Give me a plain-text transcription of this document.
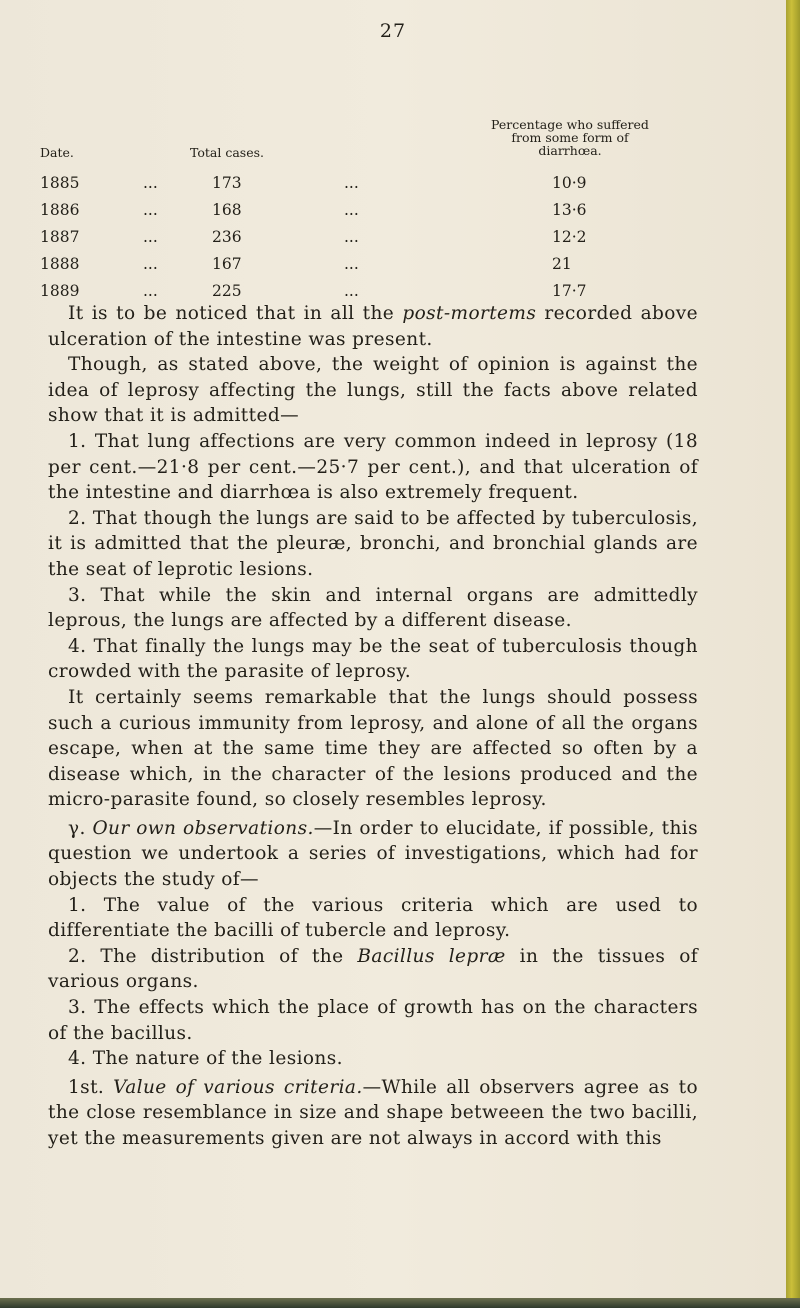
27
Date.	Total cases.
Percentage who suffered
from some form of
diarrhœa.
1885	...	173	...	10·9
1886	...	168	...	13·6
1887	...	236	...	12·2
1888	...	167	...	21
1889	...	225	...	17·7

It is to be noticed that in all the post-mortems recorded above ulceration of the intestine was present.

Though, as stated above, the weight of opinion is against the idea of leprosy affecting the lungs, still the facts above related show that it is admitted—

1. That lung affections are very common indeed in leprosy (18 per cent.—21·8 per cent.—25·7 per cent.), and that ulceration of the intestine and diarrhœa is also extremely frequent.

2. That though the lungs are said to be affected by tuberculosis, it is admitted that the pleuræ, bronchi, and bronchial glands are the seat of leprotic lesions.

3. That while the skin and internal organs are admittedly leprous, the lungs are affected by a different disease.

4. That finally the lungs may be the seat of tuberculosis though crowded with the parasite of leprosy.

It certainly seems remarkable that the lungs should possess such a curious immunity from leprosy, and alone of all the organs escape, when at the same time they are affected so often by a disease which, in the character of the lesions produced and the micro-parasite found, so closely resembles leprosy.

γ. Our own observations.—In order to elucidate, if possible, this question we undertook a series of investigations, which had for objects the study of—

1. The value of the various criteria which are used to differentiate the bacilli of tubercle and leprosy.

2. The distribution of the Bacillus lepræ in the tissues of various organs.

3. The effects which the place of growth has on the characters of the bacillus.

4. The nature of the lesions.

1st. Value of various criteria.—While all observers agree as to the close resemblance in size and shape betweeen the two bacilli, yet the measurements given are not always in accord with this
